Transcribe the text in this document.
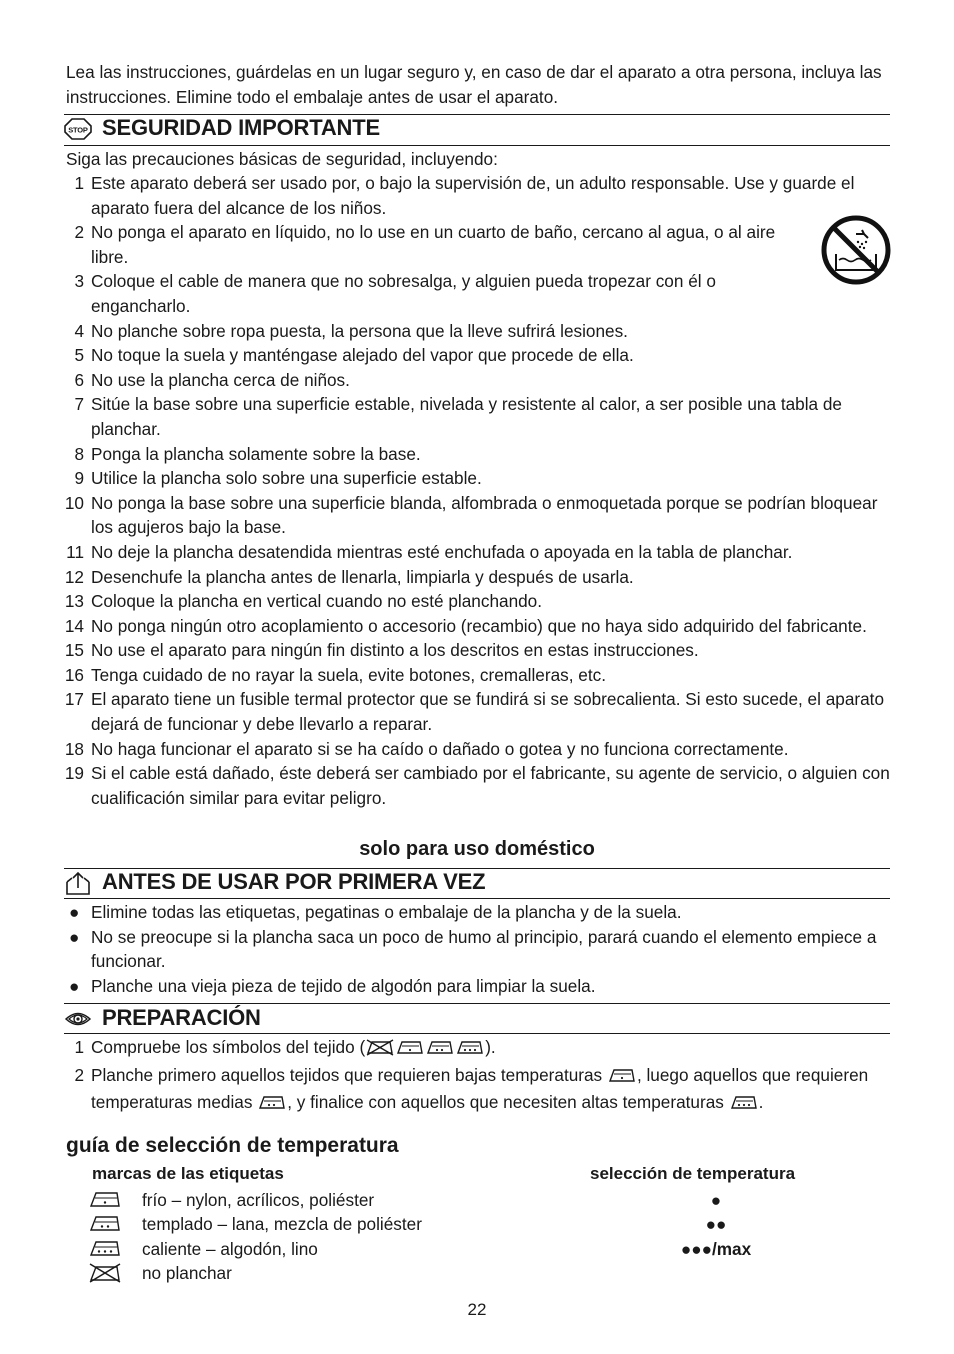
Lea las instrucciones, guárdelas en un lugar seguro y, en caso de dar el aparato a otra persona, incluya las instrucciones. Elimine todo el embalaje antes de usar el aparato.
STOP SEGURIDAD IMPORTANTE
Siga las precauciones básicas de seguridad, incluyendo:
1 Este aparato deberá ser usado por, o bajo la supervisión de, un adulto responsable. Use y guarde el aparato fuera del alcance de los niños.
2 No ponga el aparato en líquido, no lo use en un cuarto de baño, cercano al agua, o al aire libre.
3 Coloque el cable de manera que no sobresalga, y alguien pueda tropezar con él o engancharlo.
4 No planche sobre ropa puesta, la persona que la lleve sufrirá lesiones.
5 No toque la suela y manténgase alejado del vapor que procede de ella.
6 No use la plancha cerca de niños.
7 Sitúe la base sobre una superficie estable, nivelada y resistente al calor, a ser posible una tabla de planchar.
8 Ponga la plancha solamente sobre la base.
9 Utilice la plancha solo sobre una superficie estable.
10 No ponga la base sobre una superficie blanda, alfombrada o enmoquetada porque se podrían bloquear los agujeros bajo la base.
11 No deje la plancha desatendida mientras esté enchufada o apoyada en la tabla de planchar.
12 Desenchufe la plancha antes de llenarla, limpiarla y después de usarla.
13 Coloque la plancha en vertical cuando no esté planchando.
14 No ponga ningún otro acoplamiento o accesorio (recambio) que no haya sido adquirido del fabricante.
15 No use el aparato para ningún fin distinto a los descritos en estas instrucciones.
16 Tenga cuidado de no rayar la suela, evite botones, cremalleras, etc.
17 El aparato tiene un fusible termal protector que se fundirá si se sobrecalienta. Si esto sucede, el aparato dejará de funcionar y debe llevarlo a reparar.
18 No haga funcionar el aparato si se ha caído o dañado o gotea y no funciona correctamente.
19 Si el cable está dañado, éste deberá ser cambiado por el fabricante, su agente de servicio, o alguien con cualificación similar para evitar peligro.
solo para uso doméstico
ANTES DE USAR POR PRIMERA VEZ
● Elimine todas las etiquetas, pegatinas o embalaje de la plancha y de la suela.
● No se preocupe si la plancha saca un poco de humo al principio, parará cuando el elemento empiece a funcionar.
● Planche una vieja pieza de tejido de algodón para limpiar la suela.
PREPARACIÓN
1 Compruebe los símbolos del tejido (	).
2 Planche primero aquellos tejidos que requieren bajas temperaturas , luego aquellos que requieren temperaturas medias , y finalice con aquellos que necesiten altas temperaturas .
guía de selección de temperatura
marcas de las etiquetas	selección de temperatura
frío – nylon, acrílicos, poliéster	●
templado – lana, mezcla de poliéster	●●
caliente – algodón, lino	●●●/max
no planchar
22
